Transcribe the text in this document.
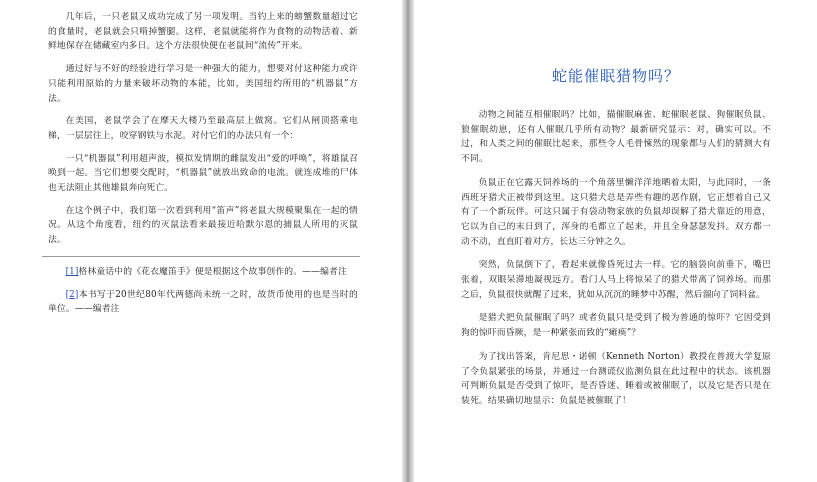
几年后，一只老鼠又成功完成了另一项发明。当钓上来的螃蟹数量超过它的食量时，老鼠就会只啃掉蟹腿。这样，老鼠就能将作为食物的动物活着、新鲜地保存在储藏室内多日。这个方法很快便在老鼠间“流传”开来。

通过好与不好的经验进行学习是一种强大的能力，想要对付这种能力或许只能利用原始的力量来破坏动物的本能，比如，美国纽约所用的“机器鼠”方法。

在美国，老鼠学会了在摩天大楼乃至最高层上做窝。它们从闸顶搭乘电梯，一层层往上，咬穿钢铁与水泥。对付它们的办法只有一个：

一只“机器鼠”利用超声波，模拟发情期的雌鼠发出“爱的呼唤”，将雄鼠召唤到一起。当它们想要交配时，“机器鼠”就放出致命的电流。就连成堆的尸体也无法阻止其他雄鼠奔向死亡。

在这个例子中，我们第一次看到利用“笛声”将老鼠大规模聚集在一起的情况。从这个角度看，纽约的灭鼠法看来最接近哈默尔恩的捕鼠人所用的灭鼠法。

[1]格林童话中的《花衣魔笛手》便是根据这个故事创作的。——编者注

[2]本书写于20世纪80年代两德尚未统一之时，故货币使用的也是当时的单位。——编者注

蛇能催眠猎物吗？

动物之间能互相催眠吗？比如，猫催眠麻雀、蛇催眠老鼠、狗催眠负鼠、狼催眠幼崽，还有人催眠几乎所有动物？最新研究显示：对，确实可以。不过，和人类之间的催眠比起来，那些令人毛骨悚然的现象都与人们的猜测大有不同。

负鼠正在它露天饲养场的一个角落里懒洋洋地晒着太阳，与此同时，一条西班牙猎犬正被带到这里。这只猎犬总是弄些有趣的恶作剧，它正想着自己又有了一个新玩伴。可这只属于有袋动物家族的负鼠却误解了猎犬靠近的用意，它以为自己的末日到了，浑身的毛都立了起来，并且全身瑟瑟发抖。双方都一动不动，直直盯着对方，长达三分钟之久。

突然，负鼠倒下了，看起来就像昏死过去一样。它的脑袋向前垂下，嘴巴张着，双眼呆滞地凝视远方。看门人马上将惊呆了的猎犬带离了饲养场。而那之后，负鼠很快就醒了过来，犹如从沉沉的睡梦中苏醒，然后溜向了饲料盆。

是猎犬把负鼠催眠了吗？或者负鼠只是受到了极为普通的惊吓？它因受到狗的惊吓而昏厥，是一种紧张而致的“瘫痪”？

为了找出答案，肯尼思・诺顿（Kenneth Norton）教授在普渡大学复原了令负鼠紧张的场景，并通过一台测谎仪监测负鼠在此过程中的状态。该机器可判断负鼠是否受到了惊吓，是否昏迷、睡着或被催眠了，以及它是否只是在装死。结果确切地显示：负鼠是被催眠了！
